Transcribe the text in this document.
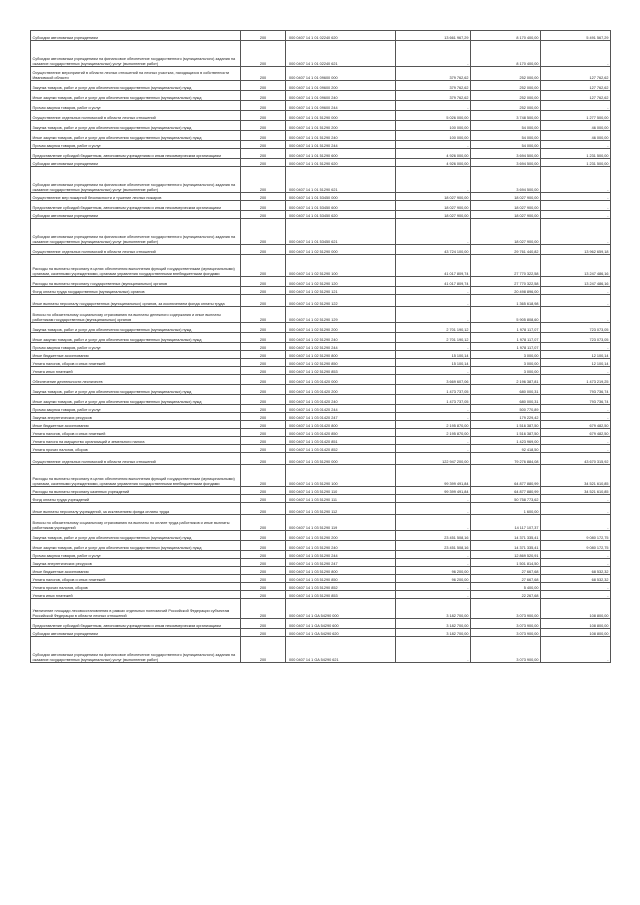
Субсидии автономным учреждениям	200	000 0407 14 1 01 02240 620	13 661 967,29	8 170 400,00	5 491 567,29
Субсидии автономным учреждениям на финансовое обеспечение государственного (муниципального) задания на оказание государственных (муниципальных) услуг (выполнение работ)	200	000 0407 14 1 01 02240 621	-	8 170 400,00	-
Осуществление мероприятий в области лесных отношений на лесных участках, находящихся в собственности Ивановской области	200	000 0407 14 1 01 09600 000	379 762,62	252 000,00	127 762,62
Закупка товаров, работ и услуг для обеспечения государственных (муниципальных) нужд	200	000 0407 14 1 01 09600 200	379 762,62	252 000,00	127 762,62
Иные закупки товаров, работ и услуг для обеспечения государственных (муниципальных) нужд	200	000 0407 14 1 01 09600 240	379 762,62	252 000,00	127 762,62
Прочая закупка товаров, работ и услуг	200	000 0407 14 1 01 09600 244	-	252 000,00	-
Осуществление отдельных полномочий в области лесных отношений	200	000 0407 14 1 01 51290 000	5 026 000,00	3 748 500,00	1 277 500,00
Закупка товаров, работ и услуг для обеспечения государственных (муниципальных) нужд	200	000 0407 14 1 01 51290 200	100 000,00	54 000,00	46 000,00
Иные закупки товаров, работ и услуг для обеспечения государственных (муниципальных) нужд	200	000 0407 14 1 01 51290 240	100 000,00	54 000,00	46 000,00
Прочая закупка товаров, работ и услуг	200	000 0407 14 1 01 51290 244	-	54 000,00	-
Предоставление субсидий бюджетным, автономным учреждениям и иным некоммерческим организациям	200	000 0407 14 1 01 51290 600	4 926 000,00	3 694 500,00	1 231 500,00
Субсидии автономным учреждениям	200	000 0407 14 1 01 51290 620	4 926 000,00	3 694 500,00	1 231 500,00
Субсидии автономным учреждениям на финансовое обеспечение государственного (муниципального) задания на оказание государственных (муниципальных) услуг (выполнение работ)	200	000 0407 14 1 01 51290 621	-	3 694 500,00	-
Осуществление мер пожарной безопасности и тушение лесных пожаров	200	000 0407 14 1 01 53450 000	18 027 900,00	18 027 900,00	-
Предоставление субсидий бюджетным, автономным учреждениям и иным некоммерческим организациям	200	000 0407 14 1 01 53450 600	18 027 900,00	18 027 900,00	-
Субсидии автономным учреждениям	200	000 0407 14 1 01 53450 620	18 027 900,00	18 027 900,00	-
Субсидии автономным учреждениям на финансовое обеспечение государственного (муниципального) задания на оказание государственных (муниципальных) услуг (выполнение работ)	200	000 0407 14 1 01 53450 621	-	18 027 900,00	-
Осуществление отдельных полномочий в области лесных отношений	200	000 0407 14 1 02 51290 000	43 724 100,00	29 761 440,82	13 962 659,18
Расходы на выплаты персоналу в целях обеспечения выполнения функций государственными (муниципальными) органами, казенными учреждениями, органами управления государственными внебюджетными фондами	200	000 0407 14 1 02 51290 100	41 017 809,74	27 770 322,58	13 247 486,16
Расходы на выплаты персоналу государственных (муниципальных) органов	200	000 0407 14 1 02 51290 120	41 017 809,74	27 770 322,58	13 247 486,16
Фонд оплаты труда государственных (муниципальных) органов	200	000 0407 14 1 02 51290 121	-	20 498 896,00	-
Иные выплаты персоналу государственных (муниципальных) органов, за исключением фонда оплаты труда	200	000 0407 14 1 02 51290 122	-	1 365 618,98	-
Взносы по обязательному социальному страхованию на выплаты денежного содержания и иные выплаты работникам государственных (муниципальных) органов	200	000 0407 14 1 02 51290 129	-	5 905 808,60	-
Закупка товаров, работ и услуг для обеспечения государственных (муниципальных) нужд	200	000 0407 14 1 02 51290 200	2 701 190,12	1 978 117,07	723 073,05
Иные закупки товаров, работ и услуг для обеспечения государственных (муниципальных) нужд	200	000 0407 14 1 02 51290 240	2 701 190,12	1 978 117,07	723 073,05
Прочая закупка товаров, работ и услуг	200	000 0407 14 1 02 51290 244	-	1 978 117,07	-
Иные бюджетные ассигнования	200	000 0407 14 1 02 51290 800	15 100,14	3 000,00	12 100,14
Уплата налогов, сборов и иных платежей	200	000 0407 14 1 02 51290 850	15 100,14	3 000,00	12 100,14
Уплата иных платежей	200	000 0407 14 1 02 51290 853	-	3 000,00	-
Обеспечение деятельности лесничеств	200	000 0407 14 1 03 01420 000	3 669 607,06	2 196 387,81	1 473 219,25
Закупка товаров, работ и услуг для обеспечения государственных (муниципальных) нужд	200	000 0407 14 1 03 01420 200	1 473 737,05	680 000,31	793 736,74
Иные закупки товаров, работ и услуг для обеспечения государственных (муниципальных) нужд	200	000 0407 14 1 03 01420 240	1 473 737,05	680 000,31	793 736,74
Прочая закупка товаров, работ и услуг	200	000 0407 14 1 03 01420 244	-	500 770,89	-
Закупка энергетических ресурсов	200	000 0407 14 1 03 01420 247	-	179 229,42	-
Иные бюджетные ассигнования	200	000 0407 14 1 03 01420 800	2 195 870,00	1 516 387,50	679 482,50
Уплата налогов, сборов и иных платежей	200	000 0407 14 1 03 01420 850	2 195 870,00	1 516 387,50	679 482,50
Уплата налога на имущество организаций и земельного налога	200	000 0407 14 1 03 01420 851	-	1 423 969,00	-
Уплата прочих налогов, сборов	200	000 0407 14 1 03 01420 852	-	92 418,50	-
Осуществление отдельных полномочий в области лесных отношений	200	000 0407 14 1 03 51290 000	122 947 200,00	79 276 884,08	43 670 315,92
Расходы на выплаты персоналу в целях обеспечения выполнения функций государственными (муниципальными) органами, казенными учреждениями, органами управления государственными внебюджетными фондами	200	000 0407 14 1 03 51290 100	99 399 491,84	64 877 880,99	34 521 610,85
Расходы на выплаты персоналу казенных учреждений	200	000 0407 14 1 03 51290 110	99 399 491,84	64 877 880,99	34 521 610,85
Фонд оплаты труда учреждений	200	000 0407 14 1 03 51290 111	-	50 758 773,62	-
Иные выплаты персоналу учреждений, за исключением фонда оплаты труда	200	000 0407 14 1 03 51290 112	-	1 600,00	-
Взносы по обязательному социальному страхованию на выплаты по оплате труда работников и иные выплаты работникам учреждений	200	000 0407 14 1 03 51290 119	-	14 117 107,37	-
Закупка товаров, работ и услуг для обеспечения государственных (муниципальных) нужд	200	000 0407 14 1 03 51290 200	23 451 508,16	14 371 335,41	9 080 172,75
Иные закупки товаров, работ и услуг для обеспечения государственных (муниципальных) нужд	200	000 0407 14 1 03 51290 240	23 451 508,16	14 371 335,41	9 080 172,75
Прочая закупка товаров, работ и услуг	200	000 0407 14 1 03 51290 244	-	12 869 520,91	-
Закупка энергетических ресурсов	200	000 0407 14 1 03 51290 247	-	1 501 814,50	-
Иные бюджетные ассигнования	200	000 0407 14 1 03 51290 800	96 200,00	27 667,68	68 532,32
Уплата налогов, сборов и иных платежей	200	000 0407 14 1 03 51290 850	96 200,00	27 667,68	68 532,32
Уплата прочих налогов, сборов	200	000 0407 14 1 03 51290 852	-	5 400,00	-
Уплата иных платежей	200	000 0407 14 1 03 51290 853	-	22 267,68	-
Увеличение площади лесовосстановления в рамках отдельных полномочий Российской Федерации субъектам Российской Федерации в области лесных отношений	200	000 0407 14 1 GA 54290 000	3 182 700,00	3 073 900,00	108 800,00
Предоставление субсидий бюджетным, автономным учреждениям и иным некоммерческим организациям	200	000 0407 14 1 GA 54290 600	3 182 700,00	3 073 900,00	108 800,00
Субсидии автономным учреждениям	200	000 0407 14 1 GA 54290 620	3 182 700,00	3 073 900,00	108 800,00
Субсидии автономным учреждениям на финансовое обеспечение государственного (муниципального) задания на оказание государственных (муниципальных) услуг (выполнение работ)	200	000 0407 14 1 GA 54290 621	-	3 073 900,00	-
